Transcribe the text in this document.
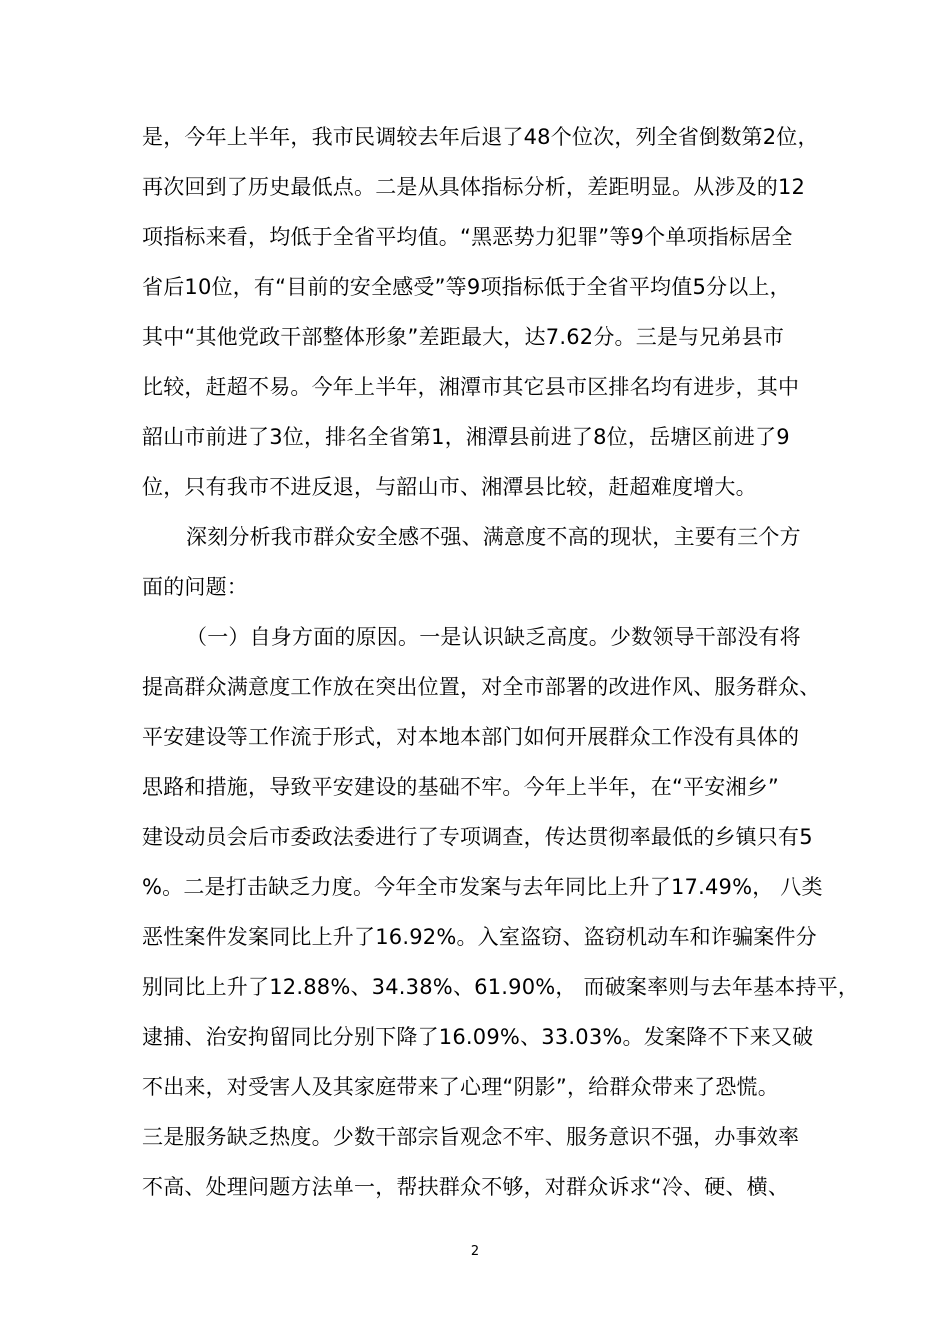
是，今年上半年，我市民调较去年后退了48个位次，列全省倒数第2位，
再次回到了历史最低点。二是从具体指标分析，差距明显。从涉及的12
项指标来看，均低于全省平均值。“黑恶势力犯罪”等9个单项指标居全
省后10位，有“目前的安全感受”等9项指标低于全省平均值5分以上，
其中“其他党政干部整体形象”差距最大，达7.62分。三是与兄弟县市
比较，赶超不易。今年上半年，湘潭市其它县市区排名均有进步，其中
韶山市前进了3位，排名全省第1，湘潭县前进了8位，岳塘区前进了9
位，只有我市不进反退，与韶山市、湘潭县比较，赶超难度增大。
深刻分析我市群众安全感不强、满意度不高的现状，主要有三个方
面的问题：
（一）自身方面的原因。一是认识缺乏高度。少数领导干部没有将
提高群众满意度工作放在突出位置，对全市部署的改进作风、服务群众、
平安建设等工作流于形式，对本地本部门如何开展群众工作没有具体的
思路和措施，导致平安建设的基础不牢。今年上半年，在“平安湘乡”
建设动员会后市委政法委进行了专项调查，传达贯彻率最低的乡镇只有5
%。二是打击缺乏力度。今年全市发案与去年同比上升了17.49%， 八类
恶性案件发案同比上升了16.92%。入室盗窃、盗窃机动车和诈骗案件分
别同比上升了12.88%、34.38%、61.90%， 而破案率则与去年基本持平，
逮捕、治安拘留同比分别下降了16.09%、33.03%。发案降不下来又破
不出来，对受害人及其家庭带来了心理“阴影”，给群众带来了恐慌。
三是服务缺乏热度。少数干部宗旨观念不牢、服务意识不强，办事效率
不高、处理问题方法单一，帮扶群众不够，对群众诉求“冷、硬、横、
2
